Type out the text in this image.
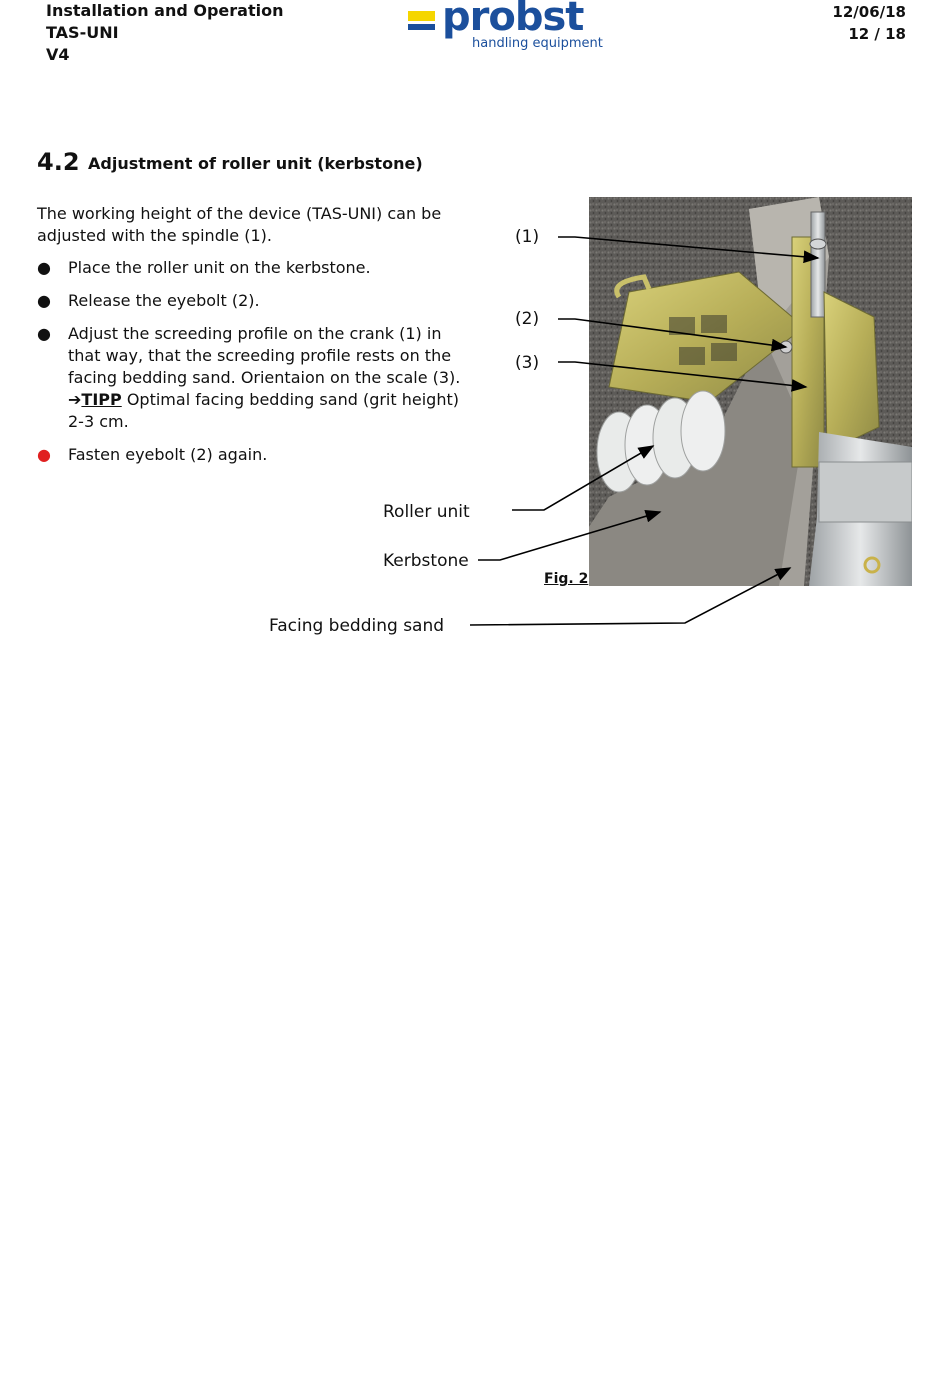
Installation and Operation
TAS-UNI
V4
probst
handling equipment
12/06/18
12 / 18
4.2 Adjustment of roller unit (kerbstone)
The working height of the device (TAS-UNI) can be adjusted with the spindle (1).
● Place the roller unit on the kerbstone.
● Release the eyebolt (2).
● Adjust the screeding profile on the crank (1) in that way, that the screeding profile rests on the facing bedding sand. Orientaion on the scale (3).
➔TIPP Optimal facing bedding sand (grit height) 2-3 cm.
● Fasten eyebolt (2) again.
(1)
(2)
(3)
Roller unit
Kerbstone
Facing bedding sand
Fig. 2
